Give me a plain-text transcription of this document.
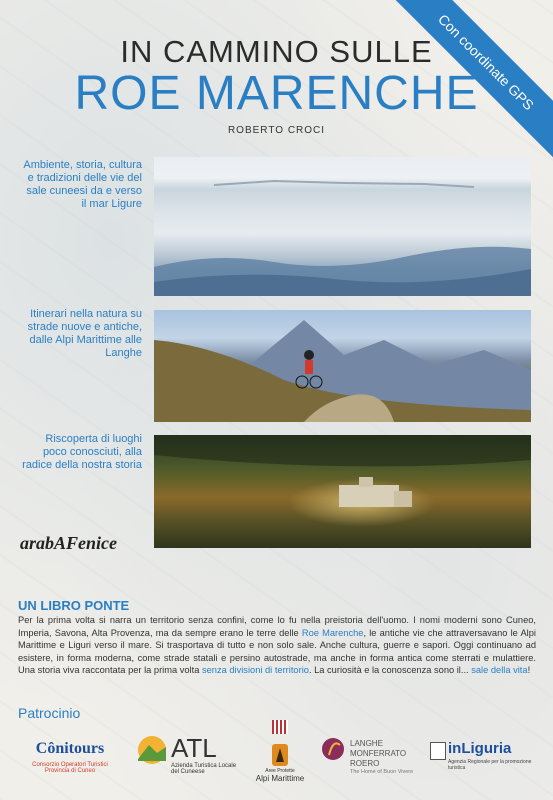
Con coordinate GPS
IN CAMMINO SULLE
ROE MARENCHE
ROBERTO CROCI
Ambiente, storia, cultura e tradizioni delle vie del sale cuneesi da e verso il mar Ligure
Itinerari nella natura su strade nuove e antiche, dalle Alpi Marittime alle Langhe
Riscoperta di luoghi poco conosciuti, alla radice della nostra storia
arabAFenice
UN LIBRO PONTE
Per la prima volta si narra un territorio senza confini, come lo fu nella preistoria dell'uomo. I nomi moderni sono Cuneo, Imperia, Savona, Alta Provenza, ma da sempre erano le terre delle Roe Marenche, le antiche vie che attraversavano le Alpi Marittime e Liguri verso il mare. Si trasportava di tutto e non solo sale. Anche cultura, guerre e sapori. Oggi continuano ad esistere, in forma moderna, come strade statali e persino autostrade, ma anche in forma antica come sterrati e mulattiere. Una storia viva raccontata per la prima volta senza divisioni di territorio. La curiosità e la conoscenza sono il... sale della vita!
Patrocinio
Cônitours
Consorzio Operatori Turistici Provincia di Cuneo
ATL
Azienda Turistica Locale del Cuneese	Aree Protette
Alpi Marittime
LANGHE MONFERRATO ROERO
The Home of Buon Vivere
inLiguria
Agenzia Regionale per la promozione turistica
